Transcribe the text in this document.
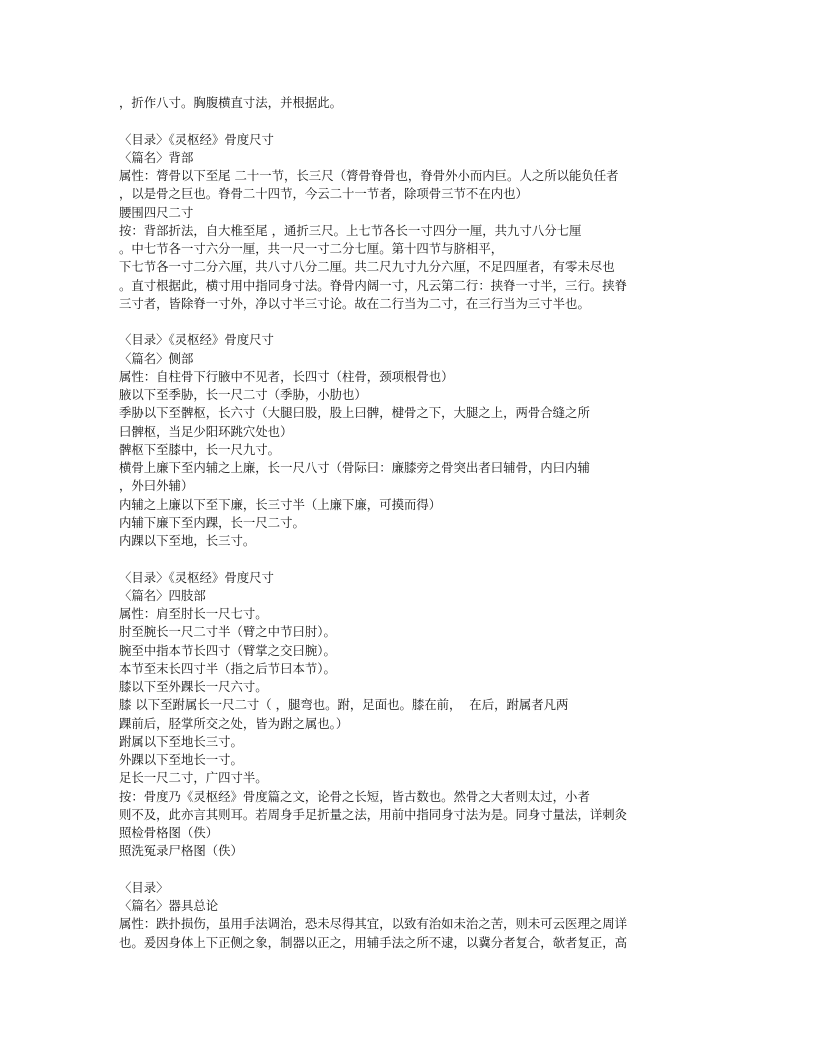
，折作八寸。胸腹横直寸法，并根据此。
〈目录〉《灵枢经》骨度尺寸
〈篇名〉背部
属性：膂骨以下至尾 二十一节，长三尺（膂骨脊骨也，脊骨外小而内巨。人之所以能负任者
，以是骨之巨也。脊骨二十四节，今云二十一节者，除项骨三节不在内也）
腰围四尺二寸
按：背部折法，自大椎至尾 ，通折三尺。上七节各长一寸四分一厘，共九寸八分七厘
。中七节各一寸六分一厘，共一尺一寸二分七厘。第十四节与脐相平，
下七节各一寸二分六厘，共八寸八分二厘。共二尺九寸九分六厘，不足四厘者，有零未尽也
。直寸根据此，横寸用中指同身寸法。脊骨内阔一寸，凡云第二行：挟脊一寸半，三行。挟脊
三寸者，皆除脊一寸外，净以寸半三寸论。故在二行当为二寸，在三行当为三寸半也。
〈目录〉《灵枢经》骨度尺寸
〈篇名〉侧部
属性：自柱骨下行腋中不见者，长四寸（柱骨，颈项根骨也）
腋以下至季胁，长一尺二寸（季胁，小肋也）
季胁以下至髀枢，长六寸（大腿曰股，股上曰髀，楗骨之下，大腿之上，两骨合缝之所
曰髀枢，当足少阳环跳穴处也）
髀枢下至膝中，长一尺九寸。
横骨上廉下至内辅之上廉，长一尺八寸（骨际曰：廉膝旁之骨突出者曰辅骨，内曰内辅
，外曰外辅）
内辅之上廉以下至下廉，长三寸半（上廉下廉，可摸而得）
内辅下廉下至内踝，长一尺二寸。
内踝以下至地，长三寸。
〈目录〉《灵枢经》骨度尺寸
〈篇名〉四肢部
属性：肩至肘长一尺七寸。
肘至腕长一尺二寸半（臂之中节曰肘）。
腕至中指本节长四寸（臂掌之交曰腕）。
本节至末长四寸半（指之后节曰本节）。
膝以下至外踝长一尺六寸。
膝 以下至跗属长一尺二寸（ ，腿弯也。跗，足面也。膝在前，  在后，跗属者凡两
踝前后，胫掌所交之处，皆为跗之属也。）
跗属以下至地长三寸。
外踝以下至地长一寸。
足长一尺二寸，广四寸半。
按：骨度乃《灵枢经》骨度篇之文，论骨之长短，皆古数也。然骨之大者则太过，小者
则不及，此亦言其则耳。若周身手足折量之法，用前中指同身寸法为是。同身寸量法，详刺灸
照检骨格图（佚）
照洗冤录尸格图（佚）
〈目录〉
〈篇名〉器具总论
属性：跌扑损伤，虽用手法调治，恐未尽得其宜，以致有治如未治之苦，则未可云医理之周详
也。爰因身体上下正侧之象，制器以正之，用辅手法之所不逮，以冀分者复合，欹者复正，高
